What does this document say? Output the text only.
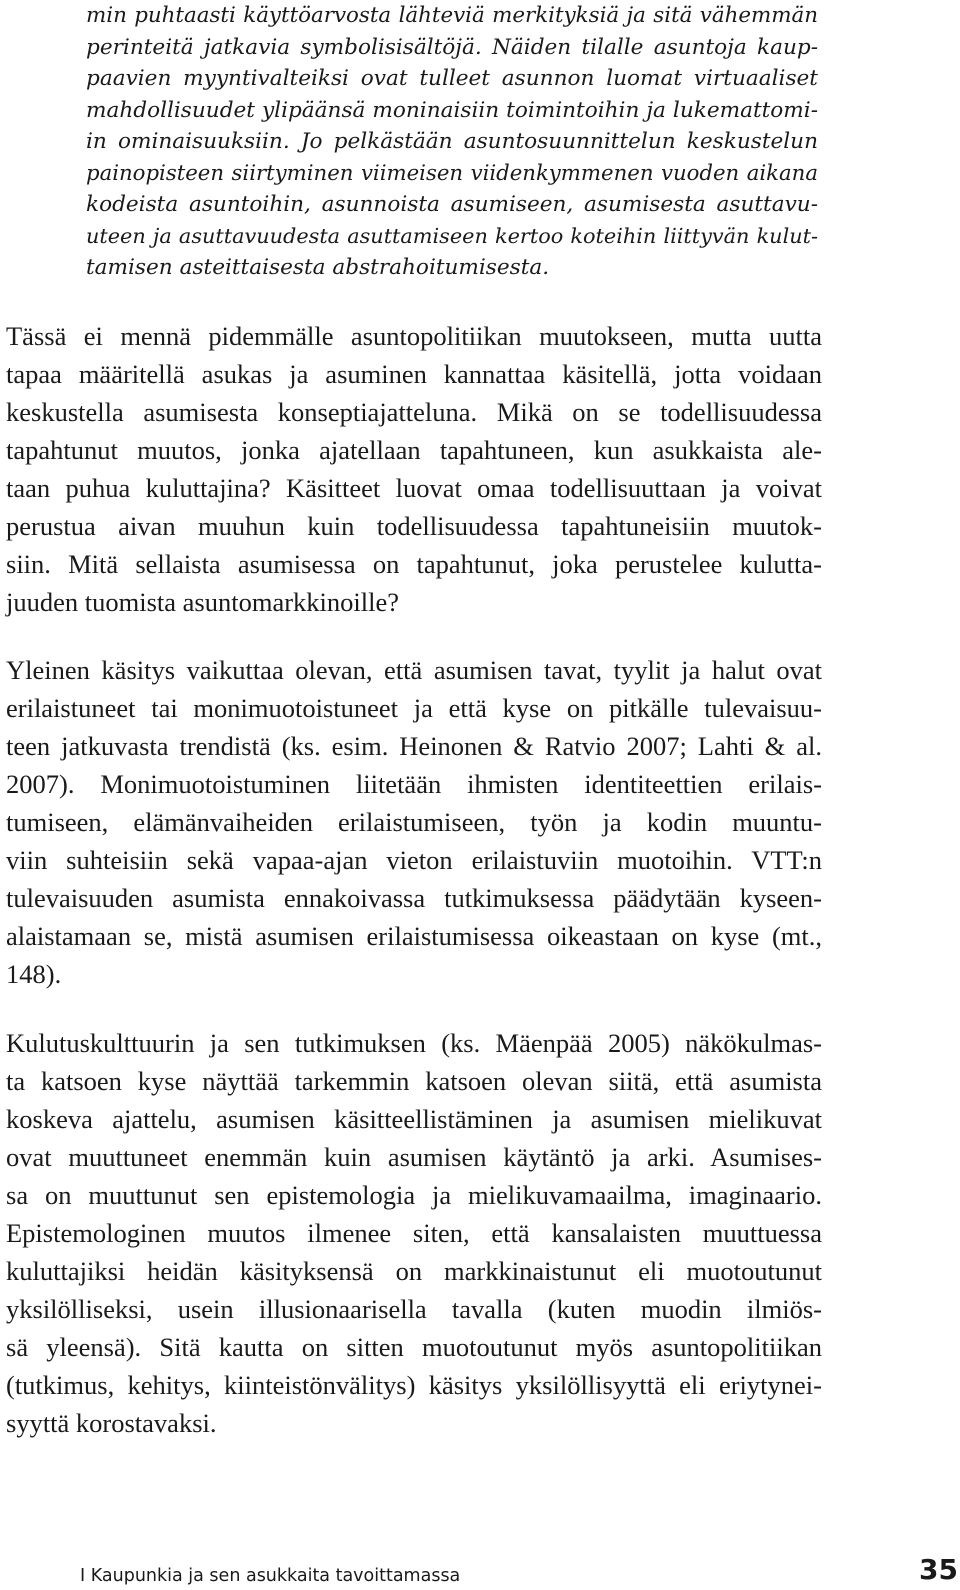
min puhtaasti käyttöarvosta lähteviä merkityksiä ja sitä vähemmän
perinteitä jatkavia symbolisisältöjä. Näiden tilalle asuntoja kaup-
paavien myyntivalteiksi ovat tulleet asunnon luomat virtuaaliset
mahdollisuudet ylipäänsä moninaisiin toimintoihin ja lukemattomi-
in ominaisuuksiin. Jo pelkästään asuntosuunnittelun keskustelun
painopisteen siirtyminen viimeisen viidenkymmenen vuoden aikana
kodeista asuntoihin, asunnoista asumiseen, asumisesta asuttavu-
uteen ja asuttavuudesta asuttamiseen kertoo koteihin liittyvän kulut-
tamisen asteittaisesta abstrahoitumisesta.
Tässä ei mennä pidemmälle asuntopolitiikan muutokseen, mutta uutta
tapaa määritellä asukas ja asuminen kannattaa käsitellä, jotta voidaan
keskustella asumisesta konseptiajatteluna. Mikä on se todellisuudessa
tapahtunut muutos, jonka ajatellaan tapahtuneen, kun asukkaista ale-
taan puhua kuluttajina? Käsitteet luovat omaa todellisuuttaan ja voivat
perustua aivan muuhun kuin todellisuudessa tapahtuneisiin muutok-
siin. Mitä sellaista asumisessa on tapahtunut, joka perustelee kulutta-
juuden tuomista asuntomarkkinoille?
Yleinen käsitys vaikuttaa olevan, että asumisen tavat, tyylit ja halut ovat
erilaistuneet tai monimuotoistuneet ja että kyse on pitkälle tulevaisuu-
teen jatkuvasta trendistä (ks. esim. Heinonen & Ratvio 2007; Lahti & al.
2007). Monimuotoistuminen liitetään ihmisten identiteettien erilais-
tumiseen, elämänvaiheiden erilaistumiseen, työn ja kodin muuntu-
viin suhteisiin sekä vapaa-ajan vieton erilaistuviin muotoihin. VTT:n
tulevaisuuden asumista ennakoivassa tutkimuksessa päädytään kyseen-
alaistamaan se, mistä asumisen erilaistumisessa oikeastaan on kyse (mt.,
148).
Kulutuskulttuurin ja sen tutkimuksen (ks. Mäenpää 2005) näkökulmas-
ta katsoen kyse näyttää tarkemmin katsoen olevan siitä, että asumista
koskeva ajattelu, asumisen käsitteellistäminen ja asumisen mielikuvat
ovat muuttuneet enemmän kuin asumisen käytäntö ja arki. Asumises-
sa on muuttunut sen epistemologia ja mielikuvamaailma, imaginaario.
Epistemologinen muutos ilmenee siten, että kansalaisten muuttuessa
kuluttajiksi heidän käsityksensä on markkinaistunut eli muotoutunut
yksilölliseksi, usein illusionaarisella tavalla (kuten muodin ilmiös-
sä yleensä). Sitä kautta on sitten muotoutunut myös asuntopolitiikan
(tutkimus, kehitys, kiinteistönvälitys) käsitys yksilöllisyyttä eli eriytynei-
syyttä korostavaksi.
I Kaupunkia ja sen asukkaita tavoittamassa	35
